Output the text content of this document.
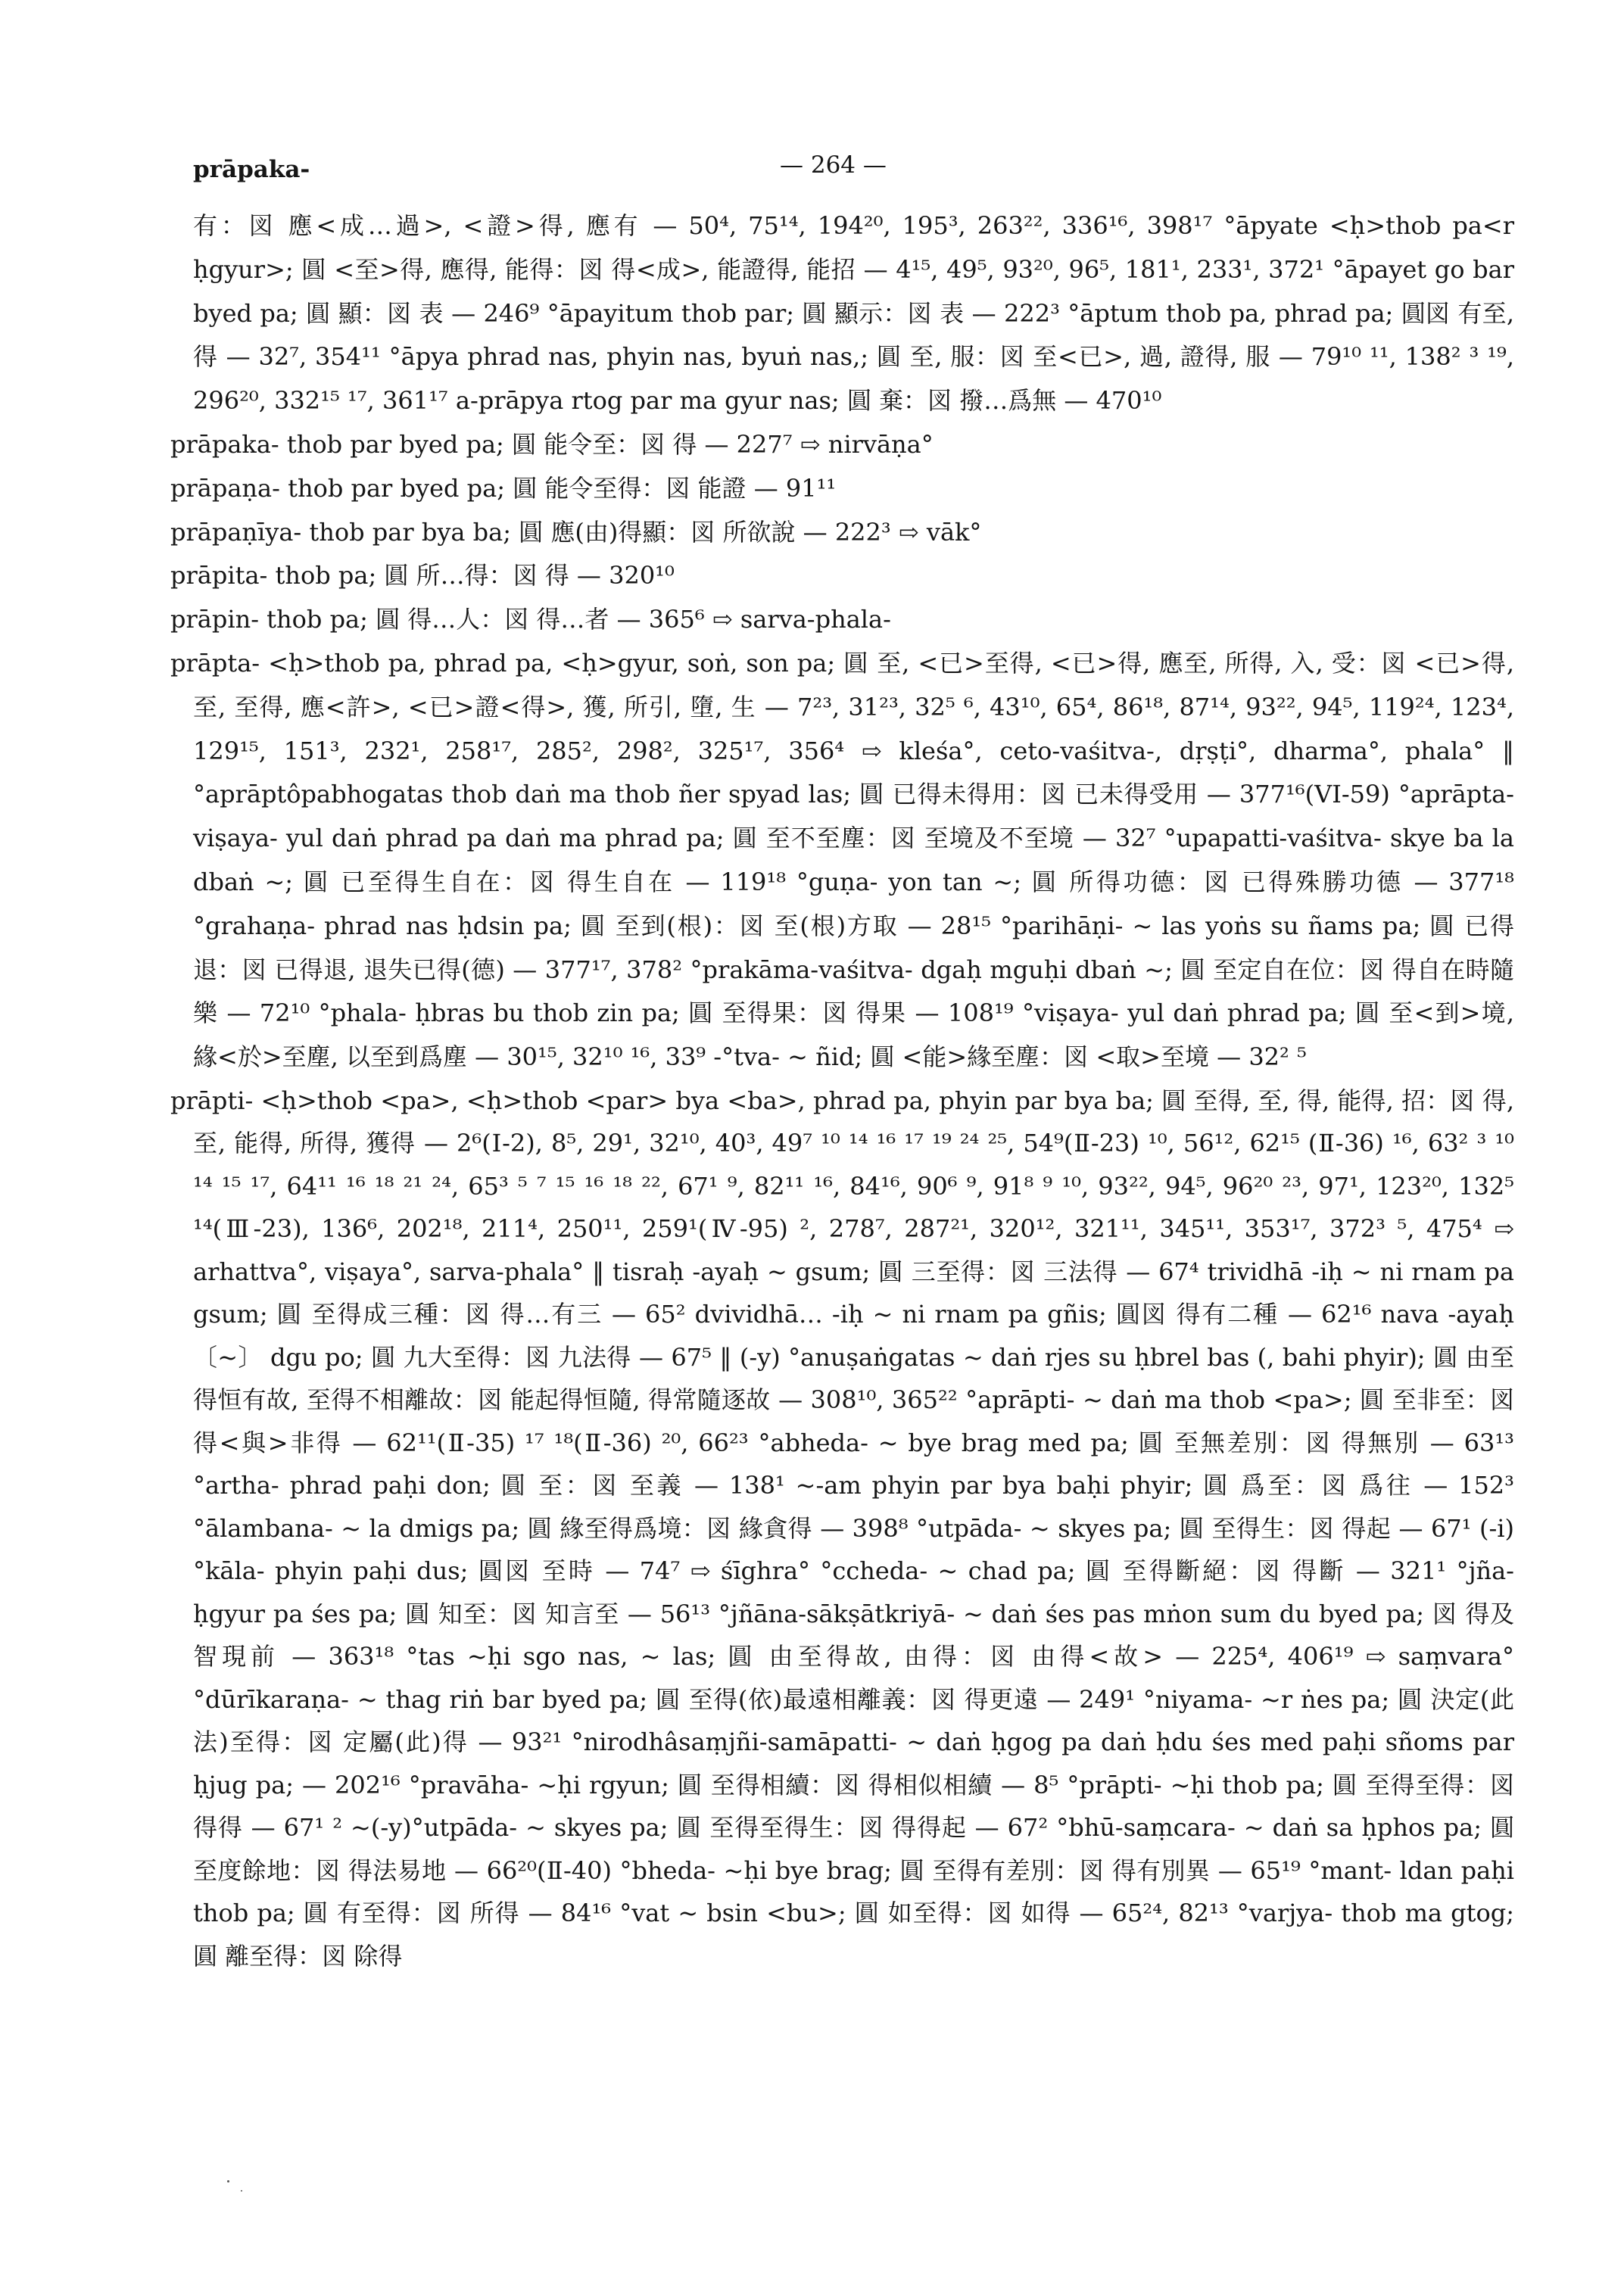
prāpaka-	— 264 —

有：図 應<成…過>, <證>得, 應有 — 50⁴, 75¹⁴, 194²⁰, 195³, 263²², 336¹⁶, 398¹⁷ °āpyate <ḥ>thob pa<r ḥgyur>; 圓 <至>得, 應得, 能得：図 得<成>, 能證得, 能招 — 4¹⁵, 49⁵, 93²⁰, 96⁵, 181¹, 233¹, 372¹ °āpayet go bar byed pa; 圓 顯：図 表 — 246⁹ °āpayitum thob par; 圓 顯示：図 表 — 222³ °āptum thob pa, phrad pa; 圓図 有至, 得 — 32⁷, 354¹¹ °āpya phrad nas, phyin nas, byuṅ nas,; 圓 至, 服：図 至<已>, 過, 證得, 服 — 79¹⁰ ¹¹, 138² ³ ¹⁹, 296²⁰, 332¹⁵ ¹⁷, 361¹⁷ a-prāpya rtog par ma gyur nas; 圓 棄：図 撥…爲無 — 470¹⁰

prāpaka- thob par byed pa; 圓 能令至：図 得 — 227⁷ ⇨ nirvāṇa°

prāpaṇa- thob par byed pa; 圓 能令至得：図 能證 — 91¹¹

prāpaṇīya- thob par bya ba; 圓 應(由)得顯：図 所欲說 — 222³ ⇨ vāk°

prāpita- thob pa; 圓 所…得：図 得 — 320¹⁰

prāpin- thob pa; 圓 得…人：図 得…者 — 365⁶ ⇨ sarva-phala-

prāpta- <ḥ>thob pa, phrad pa, <ḥ>gyur, soṅ, son pa; 圓 至, <已>至得, <已>得, 應至, 所得, 入, 受：図 <已>得, 至, 至得, 應<許>, <已>證<得>, 獲, 所引, 墮, 生 — 7²³, 31²³, 32⁵ ⁶, 43¹⁰, 65⁴, 86¹⁸, 87¹⁴, 93²², 94⁵, 119²⁴, 123⁴, 129¹⁵, 151³, 232¹, 258¹⁷, 285², 298², 325¹⁷, 356⁴ ⇨ kleśa°, ceto-vaśitva-, dṛṣṭi°, dharma°, phala° ‖ °aprāptôpabhogatas thob daṅ ma thob ñer spyad las; 圓 已得未得用：図 已未得受用 — 377¹⁶(VI-59) °aprāpta-viṣaya- yul daṅ phrad pa daṅ ma phrad pa; 圓 至不至塵：図 至境及不至境 — 32⁷ °upapatti-vaśitva- skye ba la dbaṅ ~; 圓 已至得生自在：図 得生自在 — 119¹⁸ °guṇa- yon tan ~; 圓 所得功德：図 已得殊勝功德 — 377¹⁸ °grahaṇa- phrad nas ḥdsin pa; 圓 至到(根)：図 至(根)方取 — 28¹⁵ °parihāṇi- ~ las yoṅs su ñams pa; 圓 已得退：図 已得退, 退失已得(德) — 377¹⁷, 378² °prakāma-vaśitva- dgaḥ mguḥi dbaṅ ~; 圓 至定自在位：図 得自在時隨樂 — 72¹⁰ °phala- ḥbras bu thob zin pa; 圓 至得果：図 得果 — 108¹⁹ °viṣaya- yul daṅ phrad pa; 圓 至<到>境, 緣<於>至塵, 以至到爲塵 — 30¹⁵, 32¹⁰ ¹⁶, 33⁹ -°tva- ~ ñid; 圓 <能>緣至塵：図 <取>至境 — 32² ⁵

prāpti- <ḥ>thob <pa>, <ḥ>thob <par> bya <ba>, phrad pa, phyin par bya ba; 圓 至得, 至, 得, 能得, 招：図 得, 至, 能得, 所得, 獲得 — 2⁶(Ⅰ-2), 8⁵, 29¹, 32¹⁰, 40³, 49⁷ ¹⁰ ¹⁴ ¹⁶ ¹⁷ ¹⁹ ²⁴ ²⁵, 54⁹(Ⅱ-23) ¹⁰, 56¹², 62¹⁵ (Ⅱ-36) ¹⁶, 63² ³ ¹⁰ ¹⁴ ¹⁵ ¹⁷, 64¹¹ ¹⁶ ¹⁸ ²¹ ²⁴, 65³ ⁵ ⁷ ¹⁵ ¹⁶ ¹⁸ ²², 67¹ ⁹, 82¹¹ ¹⁶, 84¹⁶, 90⁶ ⁹, 91⁸ ⁹ ¹⁰, 93²², 94⁵, 96²⁰ ²³, 97¹, 123²⁰, 132⁵ ¹⁴(Ⅲ-23), 136⁶, 202¹⁸, 211⁴, 250¹¹, 259¹(Ⅳ-95) ², 278⁷, 287²¹, 320¹², 321¹¹, 345¹¹, 353¹⁷, 372³ ⁵, 475⁴ ⇨ arhattva°, viṣaya°, sarva-phala° ‖ tisraḥ -ayaḥ ~ gsum; 圓 三至得：図 三法得 — 67⁴ trividhā -iḥ ~ ni rnam pa gsum; 圓 至得成三種：図 得…有三 — 65² dvividhā… -iḥ ~ ni rnam pa gñis; 圓図 得有二種 — 62¹⁶ nava -ayaḥ 〔~〕 dgu po; 圓 九大至得：図 九法得 — 67⁵ ‖ (-y) °anuṣaṅgatas ~ daṅ rjes su ḥbrel bas (, bahi phyir); 圓 由至得恒有故, 至得不相離故：図 能起得恒隨, 得常隨逐故 — 308¹⁰, 365²² °aprāpti- ~ daṅ ma thob <pa>; 圓 至非至：図 得<與>非得 — 62¹¹(Ⅱ-35) ¹⁷ ¹⁸(Ⅱ-36) ²⁰, 66²³ °abheda- ~ bye brag med pa; 圓 至無差別：図 得無別 — 63¹³ °artha- phrad paḥi don; 圓 至：図 至義 — 138¹ ~-am phyin par bya baḥi phyir; 圓 爲至：図 爲往 — 152³ °ālambana- ~ la dmigs pa; 圓 緣至得爲境：図 緣貪得 — 398⁸ °utpāda- ~ skyes pa; 圓 至得生：図 得起 — 67¹ (-i)°kāla- phyin paḥi dus; 圓図 至時 — 74⁷ ⇨ śīghra° °ccheda- ~ chad pa; 圓 至得斷絕：図 得斷 — 321¹ °jña- ḥgyur pa śes pa; 圓 知至：図 知言至 — 56¹³ °jñāna-sākṣātkriyā- ~ daṅ śes pas mṅon sum du byed pa; 図 得及智現前 — 363¹⁸ °tas ~ḥi sgo nas, ~ las; 圓 由至得故, 由得：図 由得<故> — 225⁴, 406¹⁹ ⇨ saṃvara° °dūrīkaraṇa- ~ thag riṅ bar byed pa; 圓 至得(依)最遠相離義：図 得更遠 — 249¹ °niyama- ~r ṅes pa; 圓 決定(此法)至得：図 定屬(此)得 — 93²¹ °nirodhâsaṃjñi-samāpatti- ~ daṅ ḥgog pa daṅ ḥdu śes med paḥi sñoms par ḥjug pa; — 202¹⁶ °pravāha- ~ḥi rgyun; 圓 至得相續：図 得相似相續 — 8⁵ °prāpti- ~ḥi thob pa; 圓 至得至得：図 得得 — 67¹ ² ~(-y)°utpāda- ~ skyes pa; 圓 至得至得生：図 得得起 — 67² °bhū-saṃcara- ~ daṅ sa ḥphos pa; 圓 至度餘地：図 得法易地 — 66²⁰(Ⅱ-40) °bheda- ~ḥi bye brag; 圓 至得有差別：図 得有別異 — 65¹⁹ °mant- ldan paḥi thob pa; 圓 有至得：図 所得 — 84¹⁶ °vat ~ bsin <bu>; 圓 如至得：図 如得 — 65²⁴, 82¹³ °varjya- thob ma gtog; 圓 離至得：図 除得
